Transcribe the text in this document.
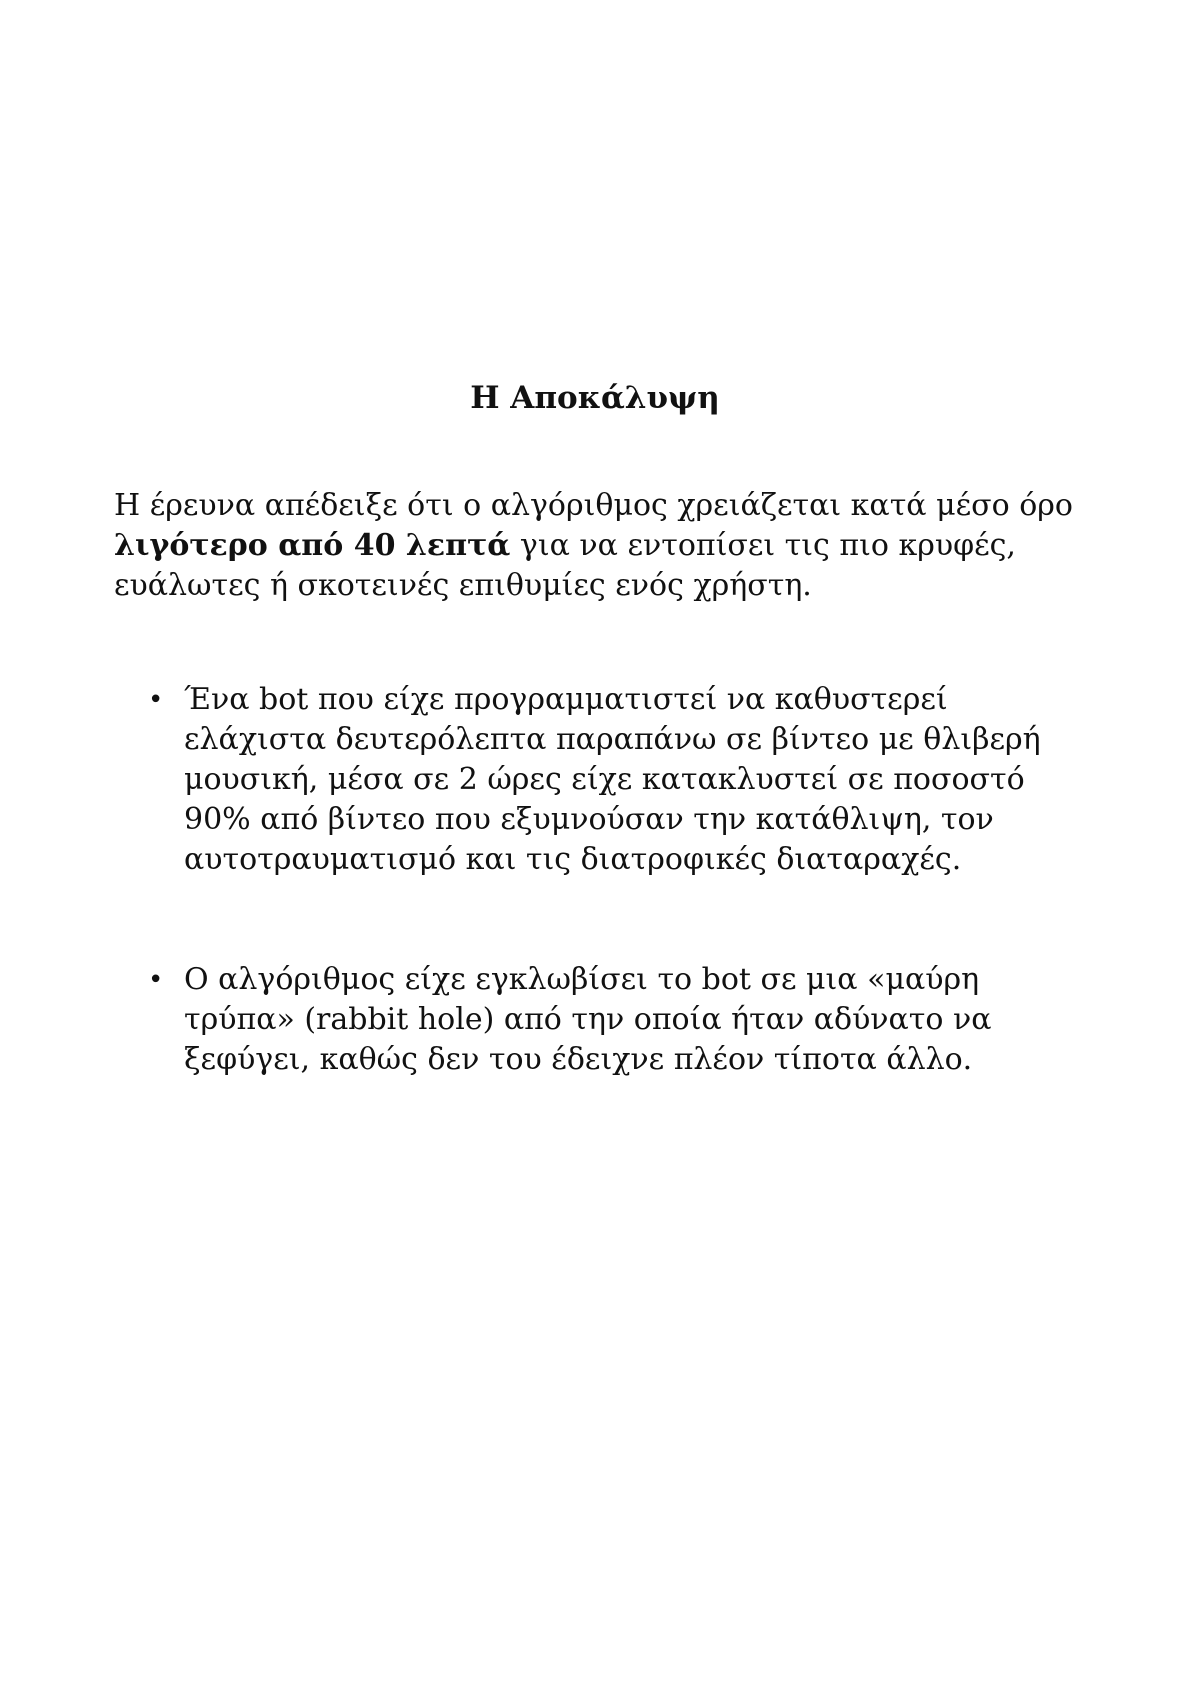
Η Αποκάλυψη

Η έρευνα απέδειξε ότι ο αλγόριθμος χρειάζεται κατά μέσο όρο λιγότερο από 40 λεπτά για να εντοπίσει τις πιο κρυφές, ευάλωτες ή σκοτεινές επιθυμίες ενός χρήστη.

• Ένα bot που είχε προγραμματιστεί να καθυστερεί ελάχιστα δευτερόλεπτα παραπάνω σε βίντεο με θλιβερή μουσική, μέσα σε 2 ώρες είχε κατακλυστεί σε ποσοστό 90% από βίντεο που εξυμνούσαν την κατάθλιψη, τον αυτοτραυματισμό και τις διατροφικές διαταραχές.
• Ο αλγόριθμος είχε εγκλωβίσει το bot σε μια «μαύρη τρύπα» (rabbit hole) από την οποία ήταν αδύνατο να ξεφύγει, καθώς δεν του έδειχνε πλέον τίποτα άλλο.
